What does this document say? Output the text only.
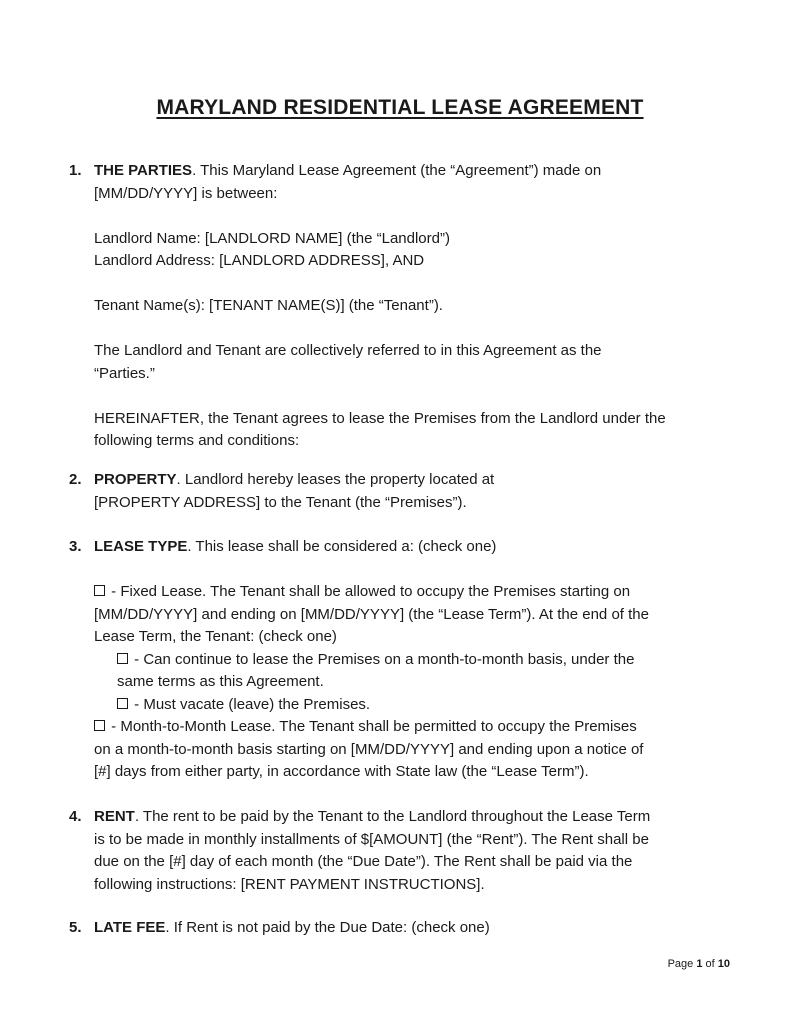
MARYLAND RESIDENTIAL LEASE AGREEMENT
1. THE PARTIES. This Maryland Lease Agreement (the “Agreement”) made on
[MM/DD/YYYY] is between:
Landlord Name: [LANDLORD NAME] (the “Landlord”)
Landlord Address: [LANDLORD ADDRESS], AND
Tenant Name(s): [TENANT NAME(S)] (the “Tenant”).
The Landlord and Tenant are collectively referred to in this Agreement as the
“Parties.”
HEREINAFTER, the Tenant agrees to lease the Premises from the Landlord under the
following terms and conditions:
2. PROPERTY. Landlord hereby leases the property located at
[PROPERTY ADDRESS] to the Tenant (the “Premises”).
3. LEASE TYPE. This lease shall be considered a: (check one)
- Fixed Lease. The Tenant shall be allowed to occupy the Premises starting on
[MM/DD/YYYY] and ending on [MM/DD/YYYY] (the “Lease Term”). At the end of the
Lease Term, the Tenant: (check one)
- Can continue to lease the Premises on a month-to-month basis, under the
same terms as this Agreement.
- Must vacate (leave) the Premises.
- Month-to-Month Lease. The Tenant shall be permitted to occupy the Premises
on a month-to-month basis starting on [MM/DD/YYYY] and ending upon a notice of
[#] days from either party, in accordance with State law (the “Lease Term”).
4. RENT. The rent to be paid by the Tenant to the Landlord throughout the Lease Term
is to be made in monthly installments of $[AMOUNT] (the “Rent”). The Rent shall be
due on the [#] day of each month (the “Due Date”). The Rent shall be paid via the
following instructions: [RENT PAYMENT INSTRUCTIONS].
5. LATE FEE. If Rent is not paid by the Due Date: (check one)
Page 1 of 10
